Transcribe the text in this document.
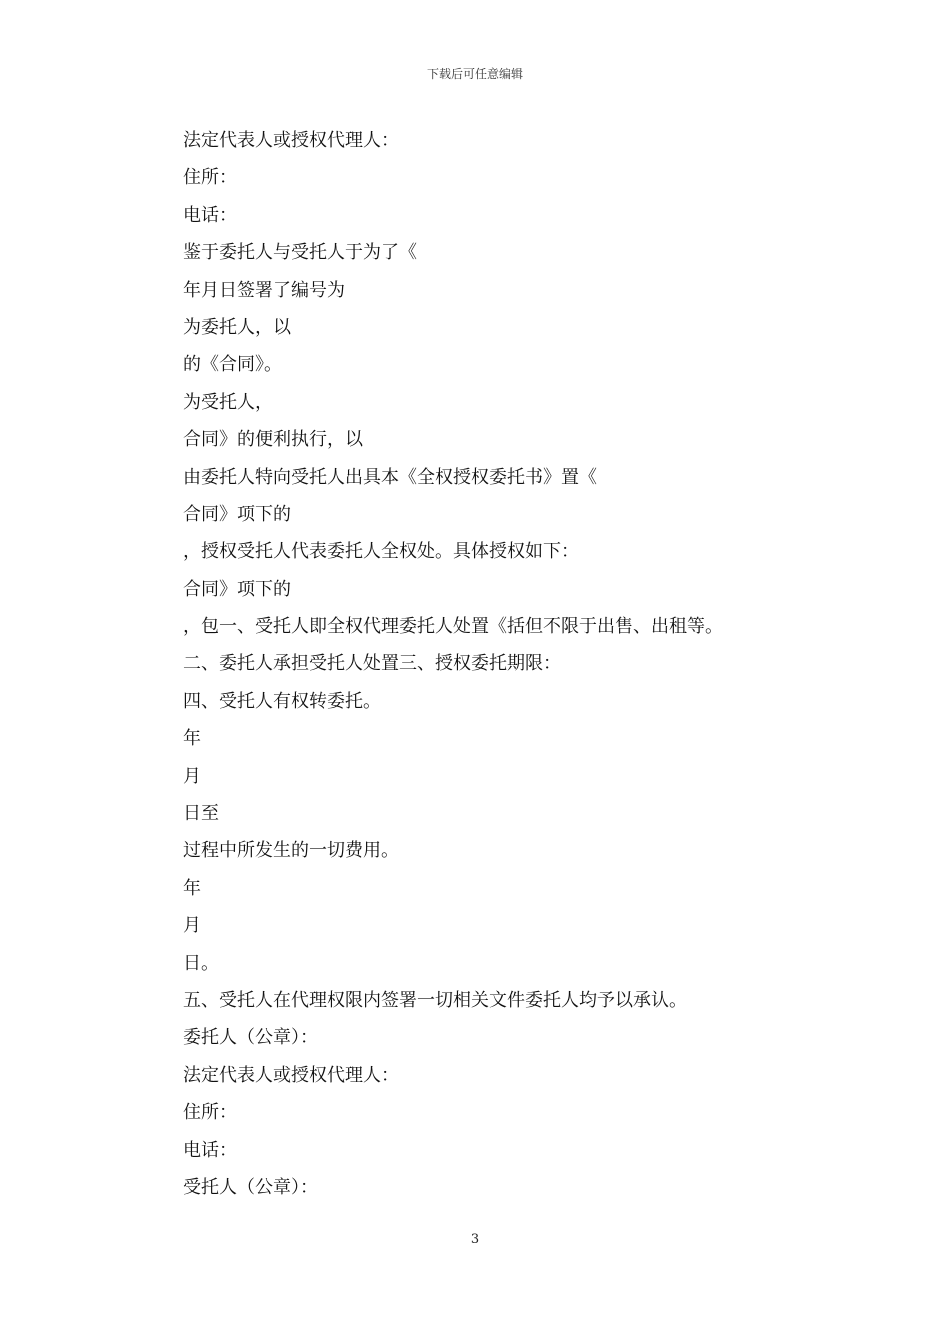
下载后可任意编辑
法定代表人或授权代理人：
住所：
电话：
鉴于委托人与受托人于为了《
年月日签署了编号为
为委托人，以
的《合同》。
为受托人，
合同》的便利执行，以
由委托人特向受托人出具本《全权授权委托书》置《
合同》项下的
，授权受托人代表委托人全权处。具体授权如下：
合同》项下的
，包一、受托人即全权代理委托人处置《括但不限于出售、出租等。
二、委托人承担受托人处置三、授权委托期限：
四、受托人有权转委托。
年
月
日至
过程中所发生的一切费用。
年
月
日。
五、受托人在代理权限内签署一切相关文件委托人均予以承认。
委托人（公章）：
法定代表人或授权代理人：
住所：
电话：
受托人（公章）：
3
